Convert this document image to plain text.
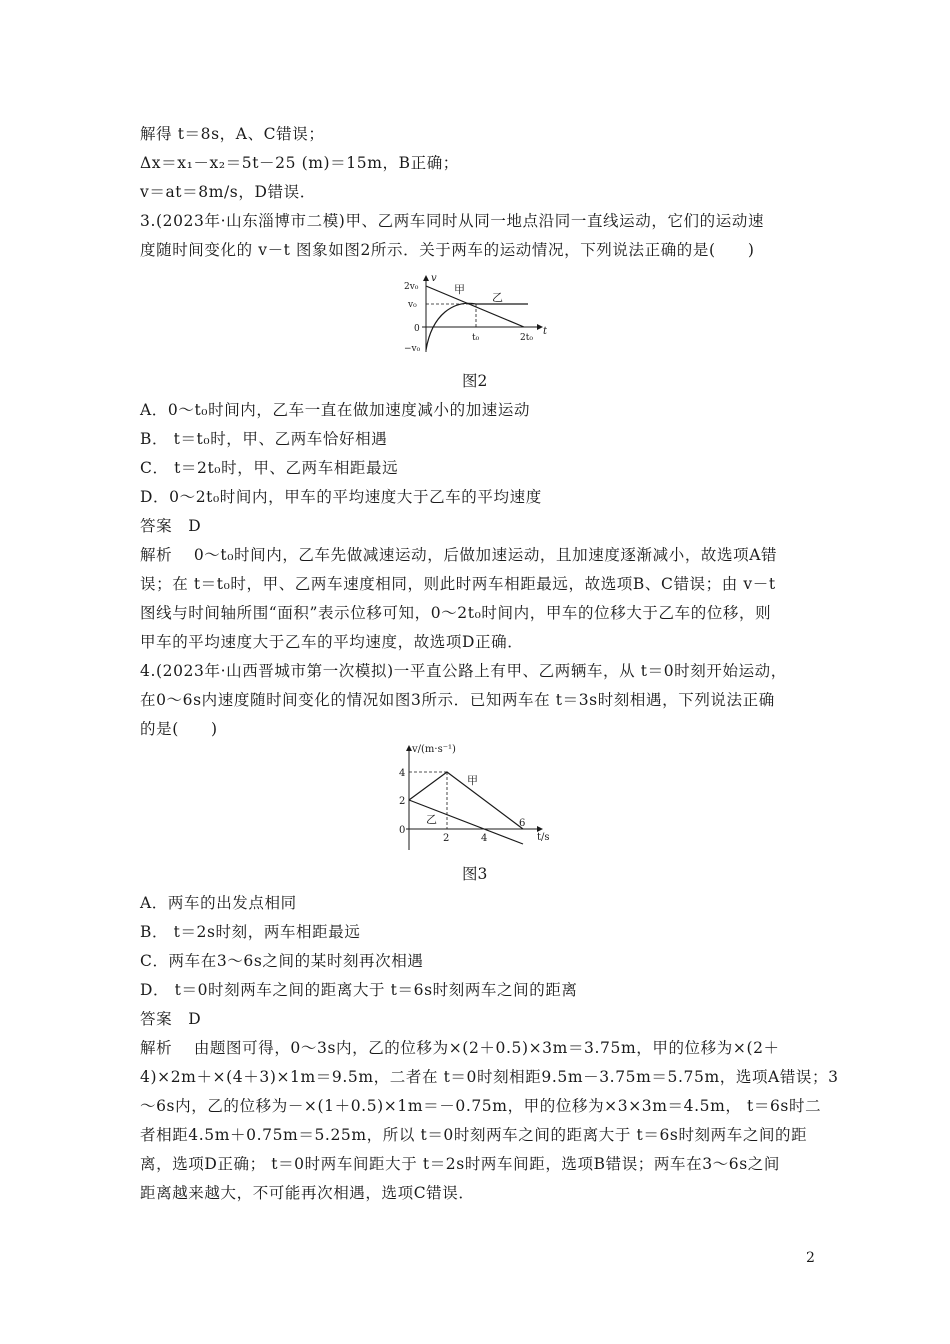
解得 t＝8s，A、C错误；
Δx＝x₁－x₂＝5t－25 (m)＝15m，B正确；
v＝at＝8m/s，D错误．
3.(2023年·山东淄博市二模)甲、乙两车同时从同一地点沿同一直线运动，它们的运动速
度随时间变化的 v－t 图象如图2所示．关于两车的运动情况，下列说法正确的是(　　)
v
t
2v₀
v₀
0
−v₀
t₀	2t₀
甲
乙
图2
A．0～t₀时间内，乙车一直在做加速度减小的加速运动
B． t＝t₀时，甲、乙两车恰好相遇
C． t＝2t₀时，甲、乙两车相距最远
D．0～2t₀时间内，甲车的平均速度大于乙车的平均速度
答案　D
解析　 0～t₀时间内，乙车先做减速运动，后做加速运动，且加速度逐渐减小，故选项A错
误；在 t＝t₀时，甲、乙两车速度相同，则此时两车相距最远，故选项B、C错误；由 v－t
图线与时间轴所围“面积”表示位移可知，0～2t₀时间内，甲车的位移大于乙车的位移，则
甲车的平均速度大于乙车的平均速度，故选项D正确．
4.(2023年·山西晋城市第一次模拟)一平直公路上有甲、乙两辆车，从 t＝0时刻开始运动，
在0～6s内速度随时间变化的情况如图3所示．已知两车在 t＝3s时刻相遇，下列说法正确
的是(　　)
v/(m·s⁻¹)
t/s
4
2
0
2	4
6
甲
乙
图3
A．两车的出发点相同
B． t＝2s时刻，两车相距最远
C．两车在3～6s之间的某时刻再次相遇
D． t＝0时刻两车之间的距离大于 t＝6s时刻两车之间的距离
答案　D
解析　 由题图可得，0～3s内，乙的位移为×(2＋0.5)×3m＝3.75m，甲的位移为×(2＋
4)×2m＋×(4＋3)×1m＝9.5m，二者在 t＝0时刻相距9.5m－3.75m＝5.75m，选项A错误；3
～6s内，乙的位移为－×(1＋0.5)×1m＝－0.75m，甲的位移为×3×3m＝4.5m， t＝6s时二
者相距4.5m＋0.75m＝5.25m，所以 t＝0时刻两车之间的距离大于 t＝6s时刻两车之间的距
离，选项D正确； t＝0时两车间距大于 t＝2s时两车间距，选项B错误；两车在3～6s之间
距离越来越大，不可能再次相遇，选项C错误．
2
